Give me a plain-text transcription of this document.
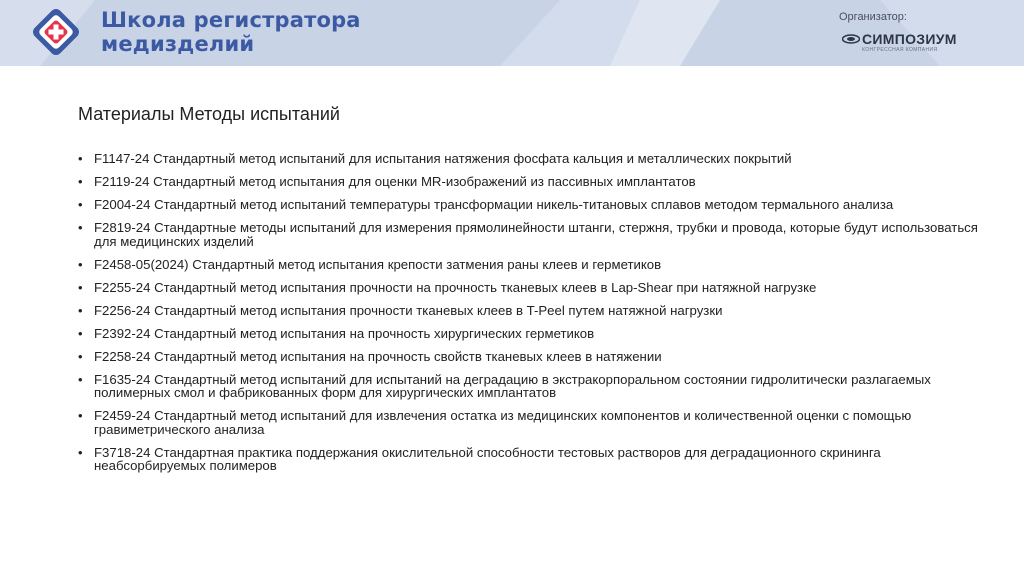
Школа регистратора
медизделий
Организатор:
СИМПОЗИУМ
КОНГРЕССНАЯ КОМПАНИЯ
Материалы Методы испытаний
• F1147-24 Стандартный метод испытаний для испытания натяжения фосфата кальция и металлических покрытий
• F2119-24 Стандартный метод испытания для оценки MR-изображений из пассивных имплантатов
• F2004-24 Стандартный метод испытаний температуры трансформации никель-титановых сплавов методом термального анализа
• F2819-24 Стандартные методы испытаний для измерения прямолинейности штанги, стержня, трубки и провода, которые будут использоваться для медицинских изделий
• F2458-05(2024) Стандартный метод испытания крепости затмения раны клеев и герметиков
• F2255-24 Стандартный метод испытания прочности на прочность тканевых клеев в Lap-Shear при натяжной нагрузке
• F2256-24 Стандартный метод испытания прочности тканевых клеев в T-Peel путем натяжной нагрузки
• F2392-24 Стандартный метод испытания на прочность хирургических герметиков
• F2258-24 Стандартный метод испытания на прочность свойств тканевых клеев в натяжении
• F1635-24 Стандартный метод испытаний для испытаний на деградацию в экстракорпоральном состоянии гидролитически разлагаемых полимерных смол и фабрикованных форм для хирургических имплантатов
• F2459-24 Стандартный метод испытаний для извлечения остатка из медицинских компонентов и количественной оценки с помощью гравиметрического анализа
• F3718-24 Стандартная практика поддержания окислительной способности тестовых растворов для деградационного скрининга неабсорбируемых полимеров
